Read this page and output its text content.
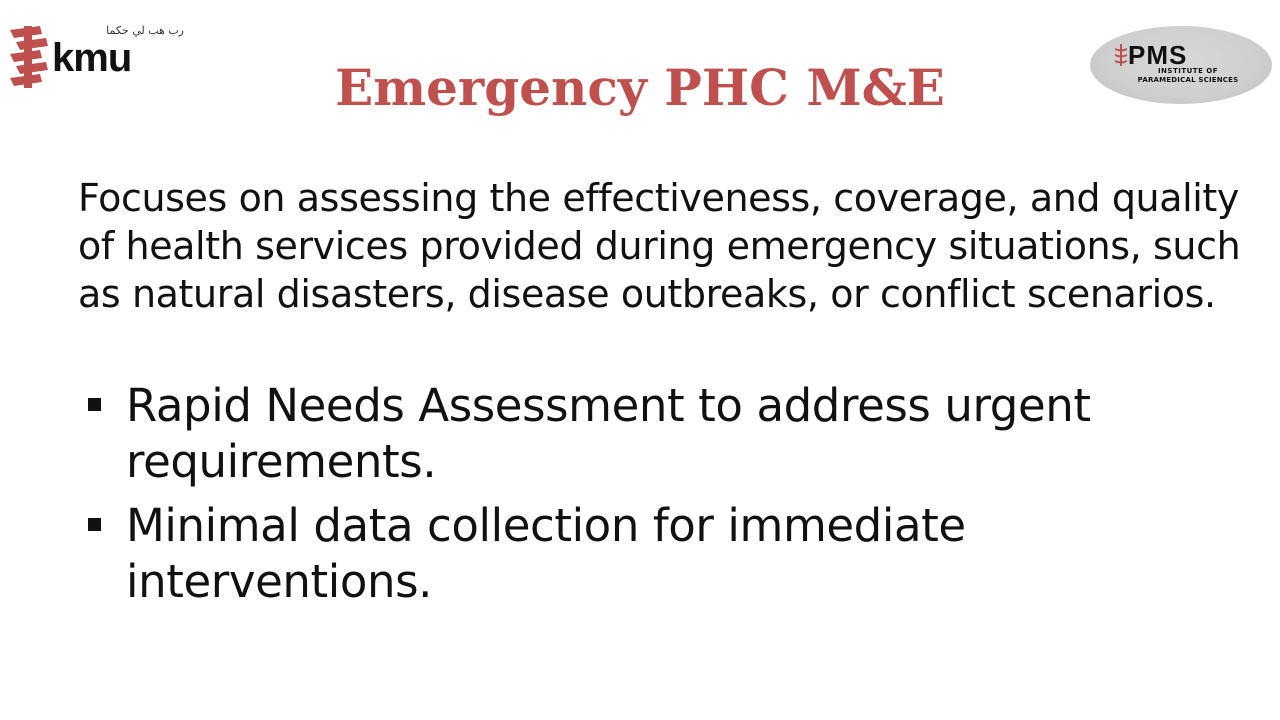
رب هب لي حكما
kmu	Emergency PHC M&E
PMS
INSTITUTE OF
PARAMEDICAL SCIENCES
Focuses on assessing the effectiveness, coverage, and quality of health services provided during emergency situations, such as natural disasters, disease outbreaks, or conflict scenarios.
Rapid Needs Assessment to address urgent requirements.
Minimal data collection for immediate interventions.
